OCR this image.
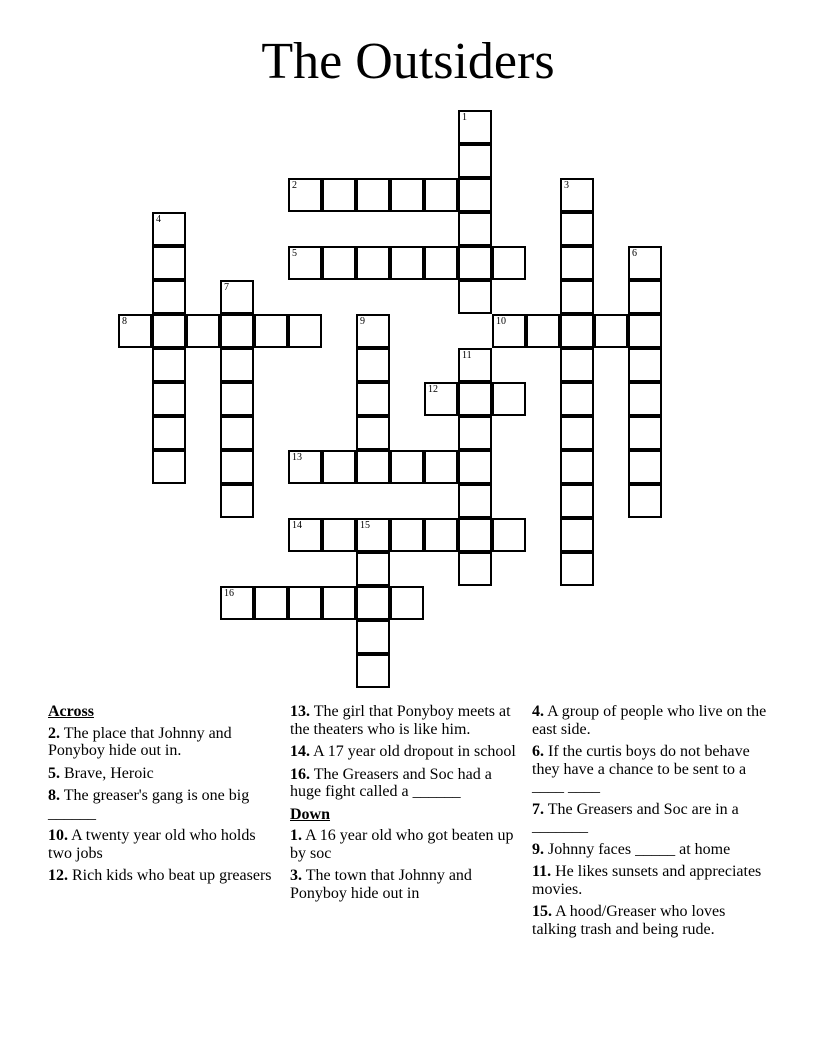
The Outsiders
1
2	3
4
5	6
7
8	9	10
11
12
13
14	15
16
Across
2. The place that Johnny and Ponyboy hide out in.
5. Brave, Heroic
8. The greaser's gang is one big ______
10. A twenty year old who holds two jobs
12. Rich kids who beat up greasers
13. The girl that Ponyboy meets at the theaters who is like him.
14. A 17 year old dropout in school
16. The Greasers and Soc had a huge fight called a ______
Down
1. A 16 year old who got beaten up by soc
3. The town that Johnny and Ponyboy hide out in
4. A group of people who live on the east side.
6. If the curtis boys do not behave they have a chance to be sent to a ____ ____
7. The Greasers and Soc are in a _______
9. Johnny faces _____ at home
11. He likes sunsets and appreciates movies.
15. A hood/Greaser who loves talking trash and being rude.
